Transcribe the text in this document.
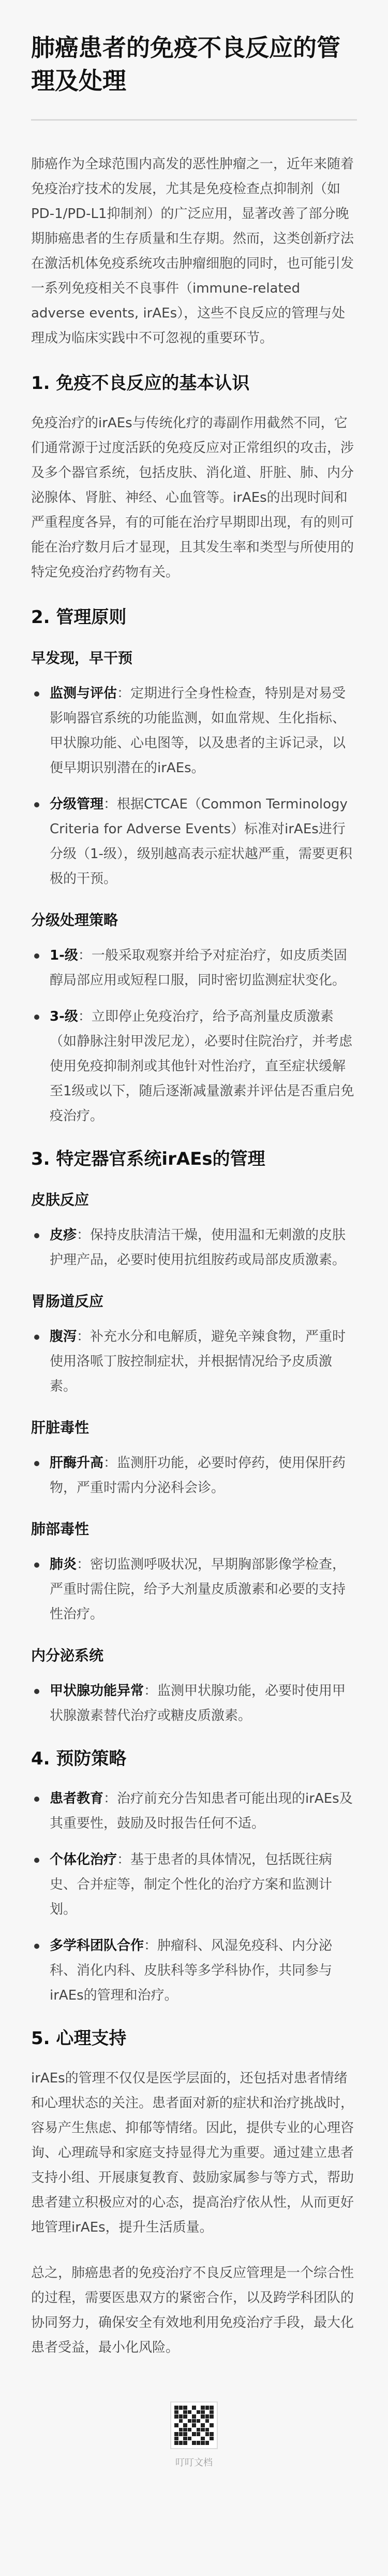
肺癌患者的免疫不良反应的管理及处理

肺癌作为全球范围内高发的恶性肿瘤之一，近年来随着免疫治疗技术的发展，尤其是免疫检查点抑制剂（如PD-1/PD-L1抑制剂）的广泛应用，显著改善了部分晚期肺癌患者的生存质量和生存期。然而，这类创新疗法在激活机体免疫系统攻击肿瘤细胞的同时，也可能引发一系列免疫相关不良事件（immune-related adverse events, irAEs），这些不良反应的管理与处理成为临床实践中不可忽视的重要环节。

1. 免疫不良反应的基本认识

免疫治疗的irAEs与传统化疗的毒副作用截然不同，它们通常源于过度活跃的免疫反应对正常组织的攻击，涉及多个器官系统，包括皮肤、消化道、肝脏、肺、内分泌腺体、肾脏、神经、心血管等。irAEs的出现时间和严重程度各异，有的可能在治疗早期即出现，有的则可能在治疗数月后才显现，且其发生率和类型与所使用的特定免疫治疗药物有关。

2. 管理原则
早发现，早干预
监测与评估：定期进行全身性检查，特别是对易受影响器官系统的功能监测，如血常规、生化指标、甲状腺功能、心电图等，以及患者的主诉记录，以便早期识别潜在的irAEs。
分级管理：根据CTCAE（Common Terminology Criteria for Adverse Events）标准对irAEs进行分级（1-级），级别越高表示症状越严重，需要更积极的干预。
分级处理策略
1-级：一般采取观察并给予对症治疗，如皮质类固醇局部应用或短程口服，同时密切监测症状变化。
3-级：立即停止免疫治疗，给予高剂量皮质激素（如静脉注射甲泼尼龙），必要时住院治疗，并考虑使用免疫抑制剂或其他针对性治疗，直至症状缓解至1级或以下，随后逐渐减量激素并评估是否重启免疫治疗。
3. 特定器官系统irAEs的管理
皮肤反应
皮疹：保持皮肤清洁干燥，使用温和无刺激的皮肤护理产品，必要时使用抗组胺药或局部皮质激素。
胃肠道反应
腹泻：补充水分和电解质，避免辛辣食物，严重时使用洛哌丁胺控制症状，并根据情况给予皮质激素。
肝脏毒性
肝酶升高：监测肝功能，必要时停药，使用保肝药物，严重时需内分泌科会诊。
肺部毒性
肺炎：密切监测呼吸状况，早期胸部影像学检查，严重时需住院，给予大剂量皮质激素和必要的支持性治疗。
内分泌系统
甲状腺功能异常：监测甲状腺功能，必要时使用甲状腺激素替代治疗或糖皮质激素。
4. 预防策略
患者教育：治疗前充分告知患者可能出现的irAEs及其重要性，鼓励及时报告任何不适。
个体化治疗：基于患者的具体情况，包括既往病史、合并症等，制定个性化的治疗方案和监测计划。
多学科团队合作：肿瘤科、风湿免疫科、内分泌科、消化内科、皮肤科等多学科协作，共同参与irAEs的管理和治疗。
5. 心理支持

irAEs的管理不仅仅是医学层面的，还包括对患者情绪和心理状态的关注。患者面对新的症状和治疗挑战时，容易产生焦虑、抑郁等情绪。因此，提供专业的心理咨询、心理疏导和家庭支持显得尤为重要。通过建立患者支持小组、开展康复教育、鼓励家属参与等方式，帮助患者建立积极应对的心态，提高治疗依从性，从而更好地管理irAEs，提升生活质量。

总之，肺癌患者的免疫治疗不良反应管理是一个综合性的过程，需要医患双方的紧密合作，以及跨学科团队的协同努力，确保安全有效地利用免疫治疗手段，最大化患者受益，最小化风险。

叮叮文档
